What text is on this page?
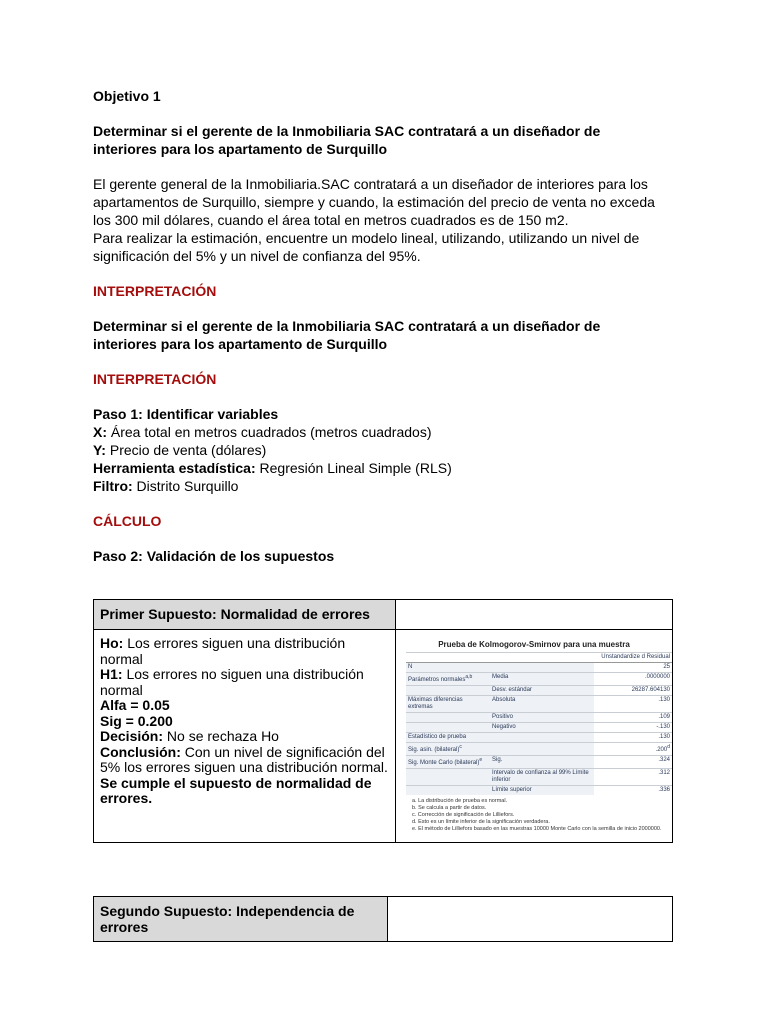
Objetivo 1
Determinar si el gerente de la Inmobiliaria SAC contratará a un diseñador de
interiores para los apartamento de Surquillo
El gerente general de la Inmobiliaria.SAC contratará a un diseñador de interiores para los
apartamentos de Surquillo, siempre y cuando, la estimación del precio de venta no exceda
los 300 mil dólares, cuando el área total en metros cuadrados es de 150 m2.
Para realizar la estimación, encuentre un modelo lineal, utilizando, utilizando un nivel de
significación del 5% y un nivel de confianza del 95%.
INTERPRETACIÓN
Determinar si el gerente de la Inmobiliaria SAC contratará a un diseñador de
interiores para los apartamento de Surquillo
INTERPRETACIÓN
Paso 1: Identificar variables
X: Área total en metros cuadrados (metros cuadrados)
Y: Precio de venta (dólares)
Herramienta estadística: Regresión Lineal Simple (RLS)
Filtro: Distrito Surquillo
CÁLCULO
Paso 2: Validación de los supuestos
Primer Supuesto: Normalidad de errores	

Ho: Los errores siguen una distribución normal
H1: Los errores no siguen una distribución normal
Alfa = 0.05
Sig = 0.200
Decisión: No se rechaza Ho
Conclusión: Con un nivel de significación del 5% los errores siguen una distribución normal.
Se cumple el supuesto de normalidad de errores.

Prueba de Kolmogorov-Smirnov para una muestra
		Unstandardize d Residual
N		25
Parámetros normales$^{a,b}$	Media	.0000000
	Desv. estándar	26287.604130
Máximas diferencias extremas	Absoluta	.130
	Positivo	.109
	Negativo	-.130
Estadístico de prueba		.130
Sig. asin. (bilateral)$^c$		.200$^d$
Sig. Monte Carlo (bilateral)$^e$	Sig.	.324
	Intervalo de confianza al 99% Límite inferior	.312
	Límite superior	.336
a. La distribución de prueba es normal.
b. Se calcula a partir de datos.
c. Corrección de significación de Lilliefors.
d. Esto es un límite inferior de la significación verdadera.
e. El método de Lilliefors basado en las muestras 10000 Monte Carlo con la semilla de inicio 2000000.
Segundo Supuesto: Independencia de errores	
